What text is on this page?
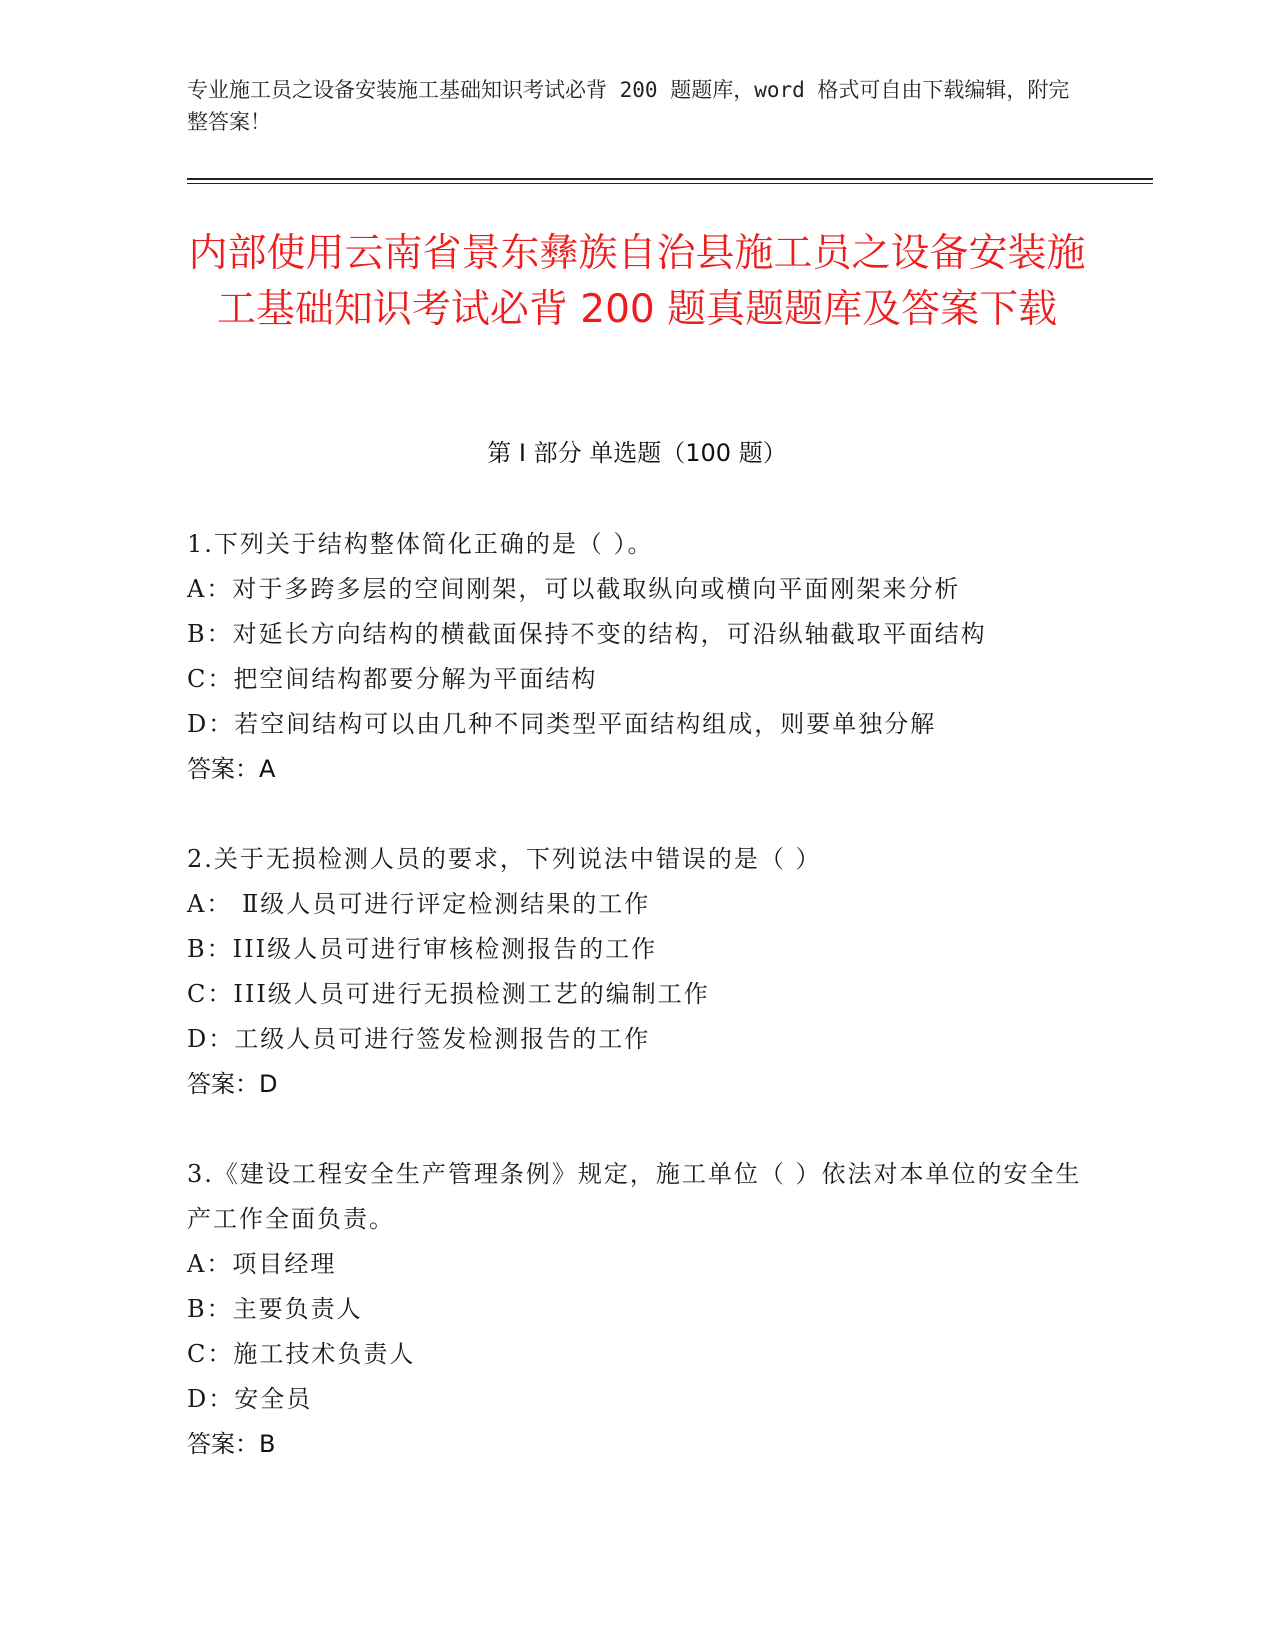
专业施工员之设备安装施工基础知识考试必背 200 题题库，word 格式可自由下载编辑，附完整答案！

内部使用云南省景东彝族自治县施工员之设备安装施工基础知识考试必背 200 题真题题库及答案下载
第 I 部分 单选题（100 题）
1.下列关于结构整体简化正确的是（ ）。
A：对于多跨多层的空间刚架，可以截取纵向或横向平面刚架来分析
B：对延长方向结构的横截面保持不变的结构，可沿纵轴截取平面结构
C：把空间结构都要分解为平面结构
D：若空间结构可以由几种不同类型平面结构组成，则要单独分解
答案：A
2.关于无损检测人员的要求，下列说法中错误的是（ ）
A： Ⅱ级人员可进行评定检测结果的工作
B：III级人员可进行审核检测报告的工作
C：III级人员可进行无损检测工艺的编制工作
D：工级人员可进行签发检测报告的工作
答案：D
3.《建设工程安全生产管理条例》规定，施工单位（ ）依法对本单位的安全生产工作全面负责。
A：项目经理
B：主要负责人
C：施工技术负责人
D：安全员
答案：B
